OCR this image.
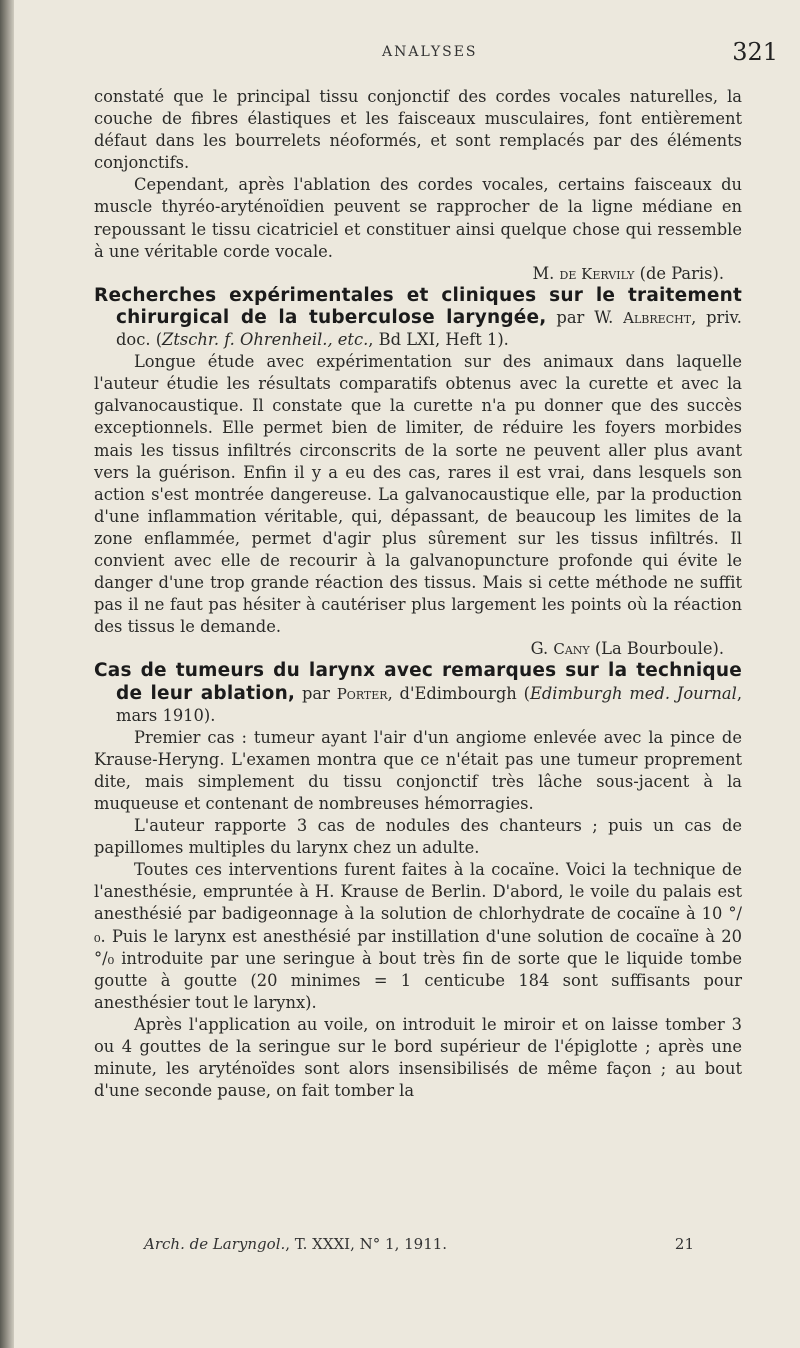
ANALYSES	321

constaté que le principal tissu conjonctif des cordes vocales naturelles, la couche de fibres élastiques et les faisceaux musculaires, font entièrement défaut dans les bourrelets néoformés, et sont remplacés par des éléments conjonctifs.

Cependant, après l'ablation des cordes vocales, certains faisceaux du muscle thyréo-aryténoïdien peuvent se rapprocher de la ligne médiane en repoussant le tissu cicatriciel et constituer ainsi quelque chose qui ressemble à une véritable corde vocale.

M. de Kervily (de Paris).

Recherches expérimentales et cliniques sur le traitement chirurgical de la tuberculose laryngée, par W. Albrecht, priv. doc. (Ztschr. f. Ohrenheil., etc., Bd LXI, Heft 1).

Longue étude avec expérimentation sur des animaux dans laquelle l'auteur étudie les résultats comparatifs obtenus avec la curette et avec la galvanocaustique. Il constate que la curette n'a pu donner que des succès exceptionnels. Elle permet bien de limiter, de réduire les foyers morbides mais les tissus infiltrés circonscrits de la sorte ne peuvent aller plus avant vers la guérison. Enfin il y a eu des cas, rares il est vrai, dans lesquels son action s'est montrée dangereuse. La galvanocaustique elle, par la production d'une inflammation véritable, qui, dépassant, de beaucoup les limites de la zone enflammée, permet d'agir plus sûrement sur les tissus infiltrés. Il convient avec elle de recourir à la galvanopuncture profonde qui évite le danger d'une trop grande réaction des tissus. Mais si cette méthode ne suffit pas il ne faut pas hésiter à cautériser plus largement les points où la réaction des tissus le demande.

G. Cany (La Bourboule).

Cas de tumeurs du larynx avec remarques sur la technique de leur ablation, par Porter, d'Edimbourgh (Edimburgh med. Journal, mars 1910).

Premier cas : tumeur ayant l'air d'un angiome enlevée avec la pince de Krause-Heryng. L'examen montra que ce n'était pas une tumeur proprement dite, mais simplement du tissu conjonctif très lâche sous-jacent à la muqueuse et contenant de nombreuses hémorragies.

L'auteur rapporte 3 cas de nodules des chanteurs ; puis un cas de papillomes multiples du larynx chez un adulte.

Toutes ces interventions furent faites à la cocaïne. Voici la technique de l'anesthésie, empruntée à H. Krause de Berlin. D'abord, le voile du palais est anesthésié par badigeonnage à la solution de chlorhydrate de cocaïne à 10 °/₀. Puis le larynx est anesthésié par instillation d'une solution de cocaïne à 20 °/₀ introduite par une seringue à bout très fin de sorte que le liquide tombe goutte à goutte (20 minimes = 1 centicube 184 sont suffisants pour anesthésier tout le larynx).

Après l'application au voile, on introduit le miroir et on laisse tomber 3 ou 4 gouttes de la seringue sur le bord supérieur de l'épiglotte ; après une minute, les aryténoïdes sont alors insensibilisés de même façon ; au bout d'une seconde pause, on fait tomber la

Arch. de Laryngol., T. XXXI, N° 1, 1911.	21
